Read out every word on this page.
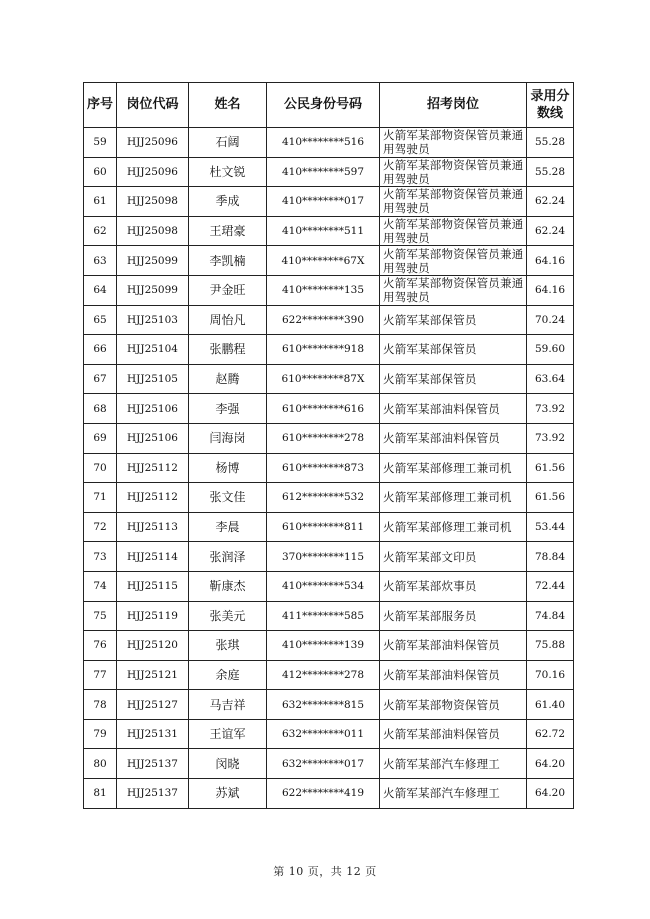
序号	岗位代码	姓名	公民身份号码	招考岗位	录用分数线
59	HJJ25096	石阔	410********516	火箭军某部物资保管员兼通用驾驶员	55.28
60	HJJ25096	杜文锐	410********597	火箭军某部物资保管员兼通用驾驶员	55.28
61	HJJ25098	季成	410********017	火箭军某部物资保管员兼通用驾驶员	62.24
62	HJJ25098	王珺豪	410********511	火箭军某部物资保管员兼通用驾驶员	62.24
63	HJJ25099	李凯楠	410********67X	火箭军某部物资保管员兼通用驾驶员	64.16
64	HJJ25099	尹金旺	410********135	火箭军某部物资保管员兼通用驾驶员	64.16
65	HJJ25103	周怡凡	622********390	火箭军某部保管员	70.24
66	HJJ25104	张鹏程	610********918	火箭军某部保管员	59.60
67	HJJ25105	赵腾	610********87X	火箭军某部保管员	63.64
68	HJJ25106	李强	610********616	火箭军某部油料保管员	73.92
69	HJJ25106	闫海岗	610********278	火箭军某部油料保管员	73.92
70	HJJ25112	杨博	610********873	火箭军某部修理工兼司机	61.56
71	HJJ25112	张文佳	612********532	火箭军某部修理工兼司机	61.56
72	HJJ25113	李晨	610********811	火箭军某部修理工兼司机	53.44
73	HJJ25114	张润泽	370********115	火箭军某部文印员	78.84
74	HJJ25115	靳康杰	410********534	火箭军某部炊事员	72.44
75	HJJ25119	张美元	411********585	火箭军某部服务员	74.84
76	HJJ25120	张琪	410********139	火箭军某部油料保管员	75.88
77	HJJ25121	余庭	412********278	火箭军某部油料保管员	70.16
78	HJJ25127	马吉祥	632********815	火箭军某部物资保管员	61.40
79	HJJ25131	王谊军	632********011	火箭军某部油料保管员	62.72
80	HJJ25137	闵晓	632********017	火箭军某部汽车修理工	64.20
81	HJJ25137	苏斌	622********419	火箭军某部汽车修理工	64.20
第 10 页，共 12 页
